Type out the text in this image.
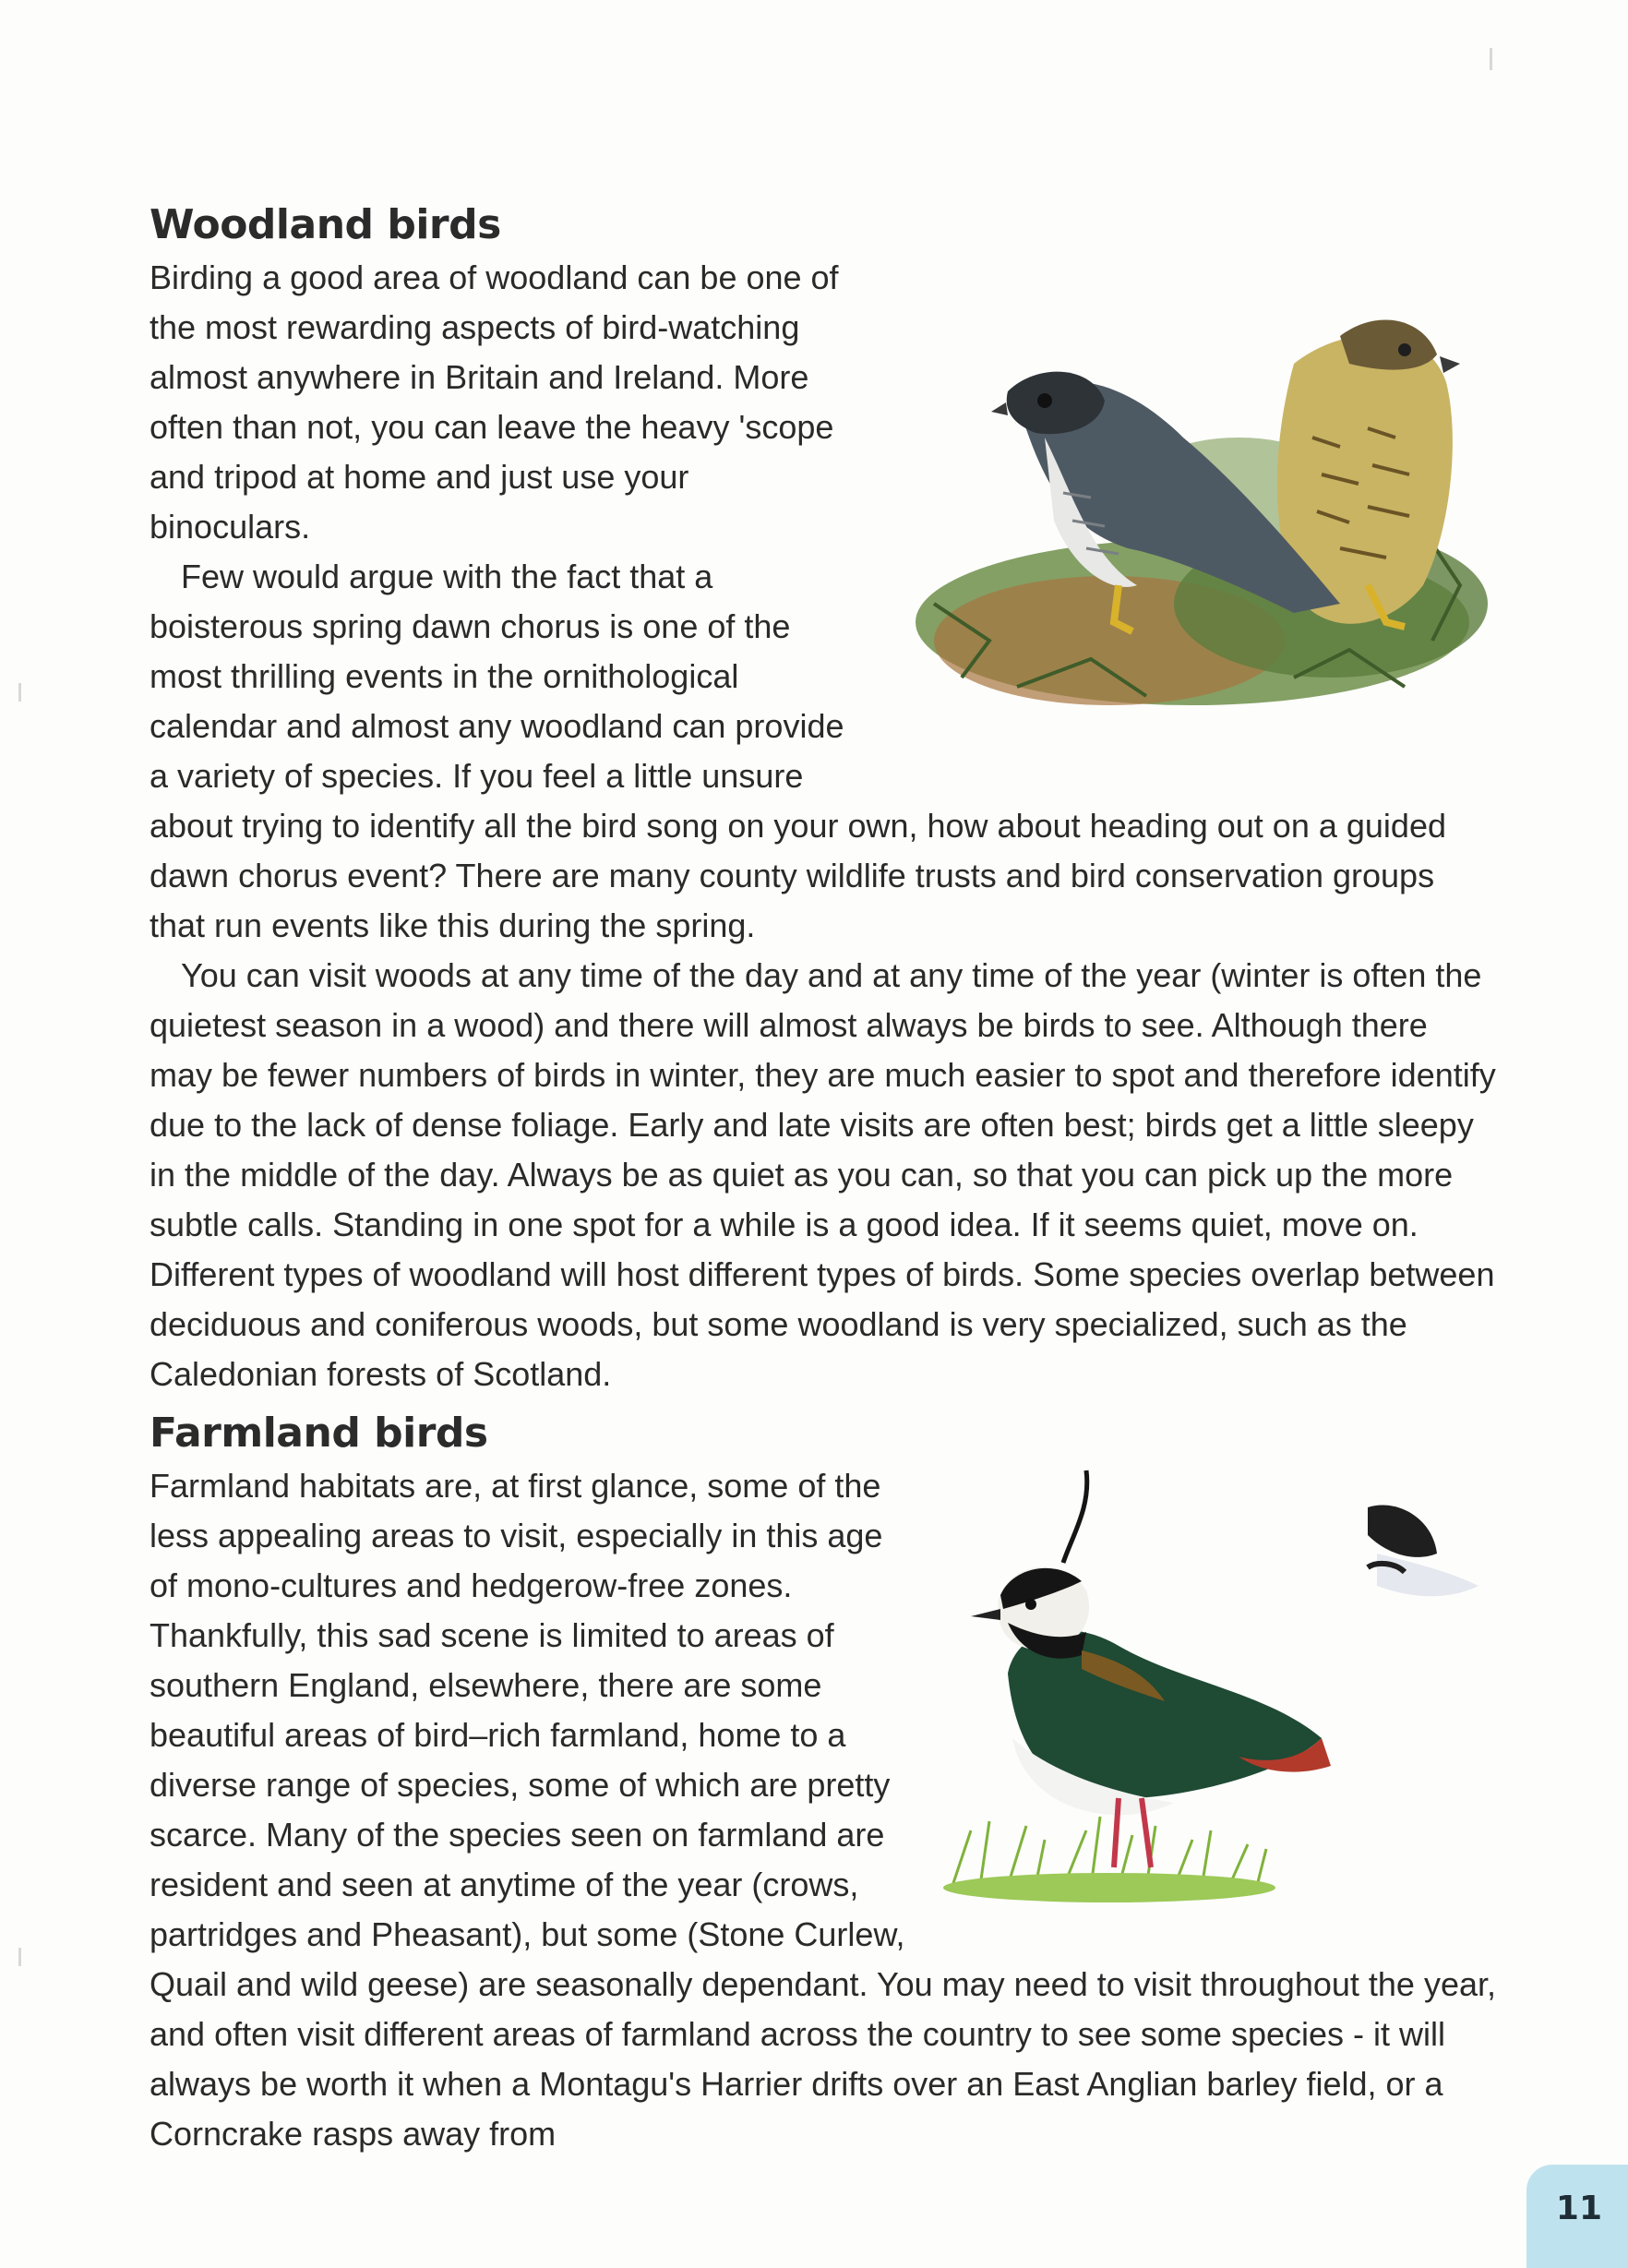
Woodland birds

Birding a good area of woodland can be one of the most rewarding aspects of bird-watching almost anywhere in Britain and Ireland. More often than not, you can leave the heavy 'scope and tripod at home and just use your binoculars.

Few would argue with the fact that a boisterous spring dawn chorus is one of the most thrilling events in the ornithological calendar and almost any woodland can provide a variety of species. If you feel a little unsure about trying to identify all the bird song on your own, how about heading out on a guided dawn chorus event? There are many county wildlife trusts and bird conservation groups that run events like this during the spring.

You can visit woods at any time of the day and at any time of the year (winter is often the quietest season in a wood) and there will almost always be birds to see. Although there may be fewer numbers of birds in winter, they are much easier to spot and therefore identify due to the lack of dense foliage. Early and late visits are often best; birds get a little sleepy in the middle of the day. Always be as quiet as you can, so that you can pick up the more subtle calls. Standing in one spot for a while is a good idea. If it seems quiet, move on. Different types of woodland will host different types of birds. Some species overlap between deciduous and coniferous woods, but some woodland is very specialized, such as the Caledonian forests of Scotland.

Farmland birds

Farmland habitats are, at first glance, some of the less appealing areas to visit, especially in this age of mono-cultures and hedgerow-free zones. Thankfully, this sad scene is limited to areas of southern England, elsewhere, there are some beautiful areas of bird–rich farmland, home to a diverse range of species, some of which are pretty scarce. Many of the species seen on farmland are resident and seen at anytime of the year (crows, partridges and Pheasant), but some (Stone Curlew, Quail and wild geese) are seasonally dependant. You may need to visit throughout the year, and often visit different areas of farmland across the country to see some species - it will always be worth it when a Montagu's Harrier drifts over an East Anglian barley field, or a Corncrake rasps away from

11
